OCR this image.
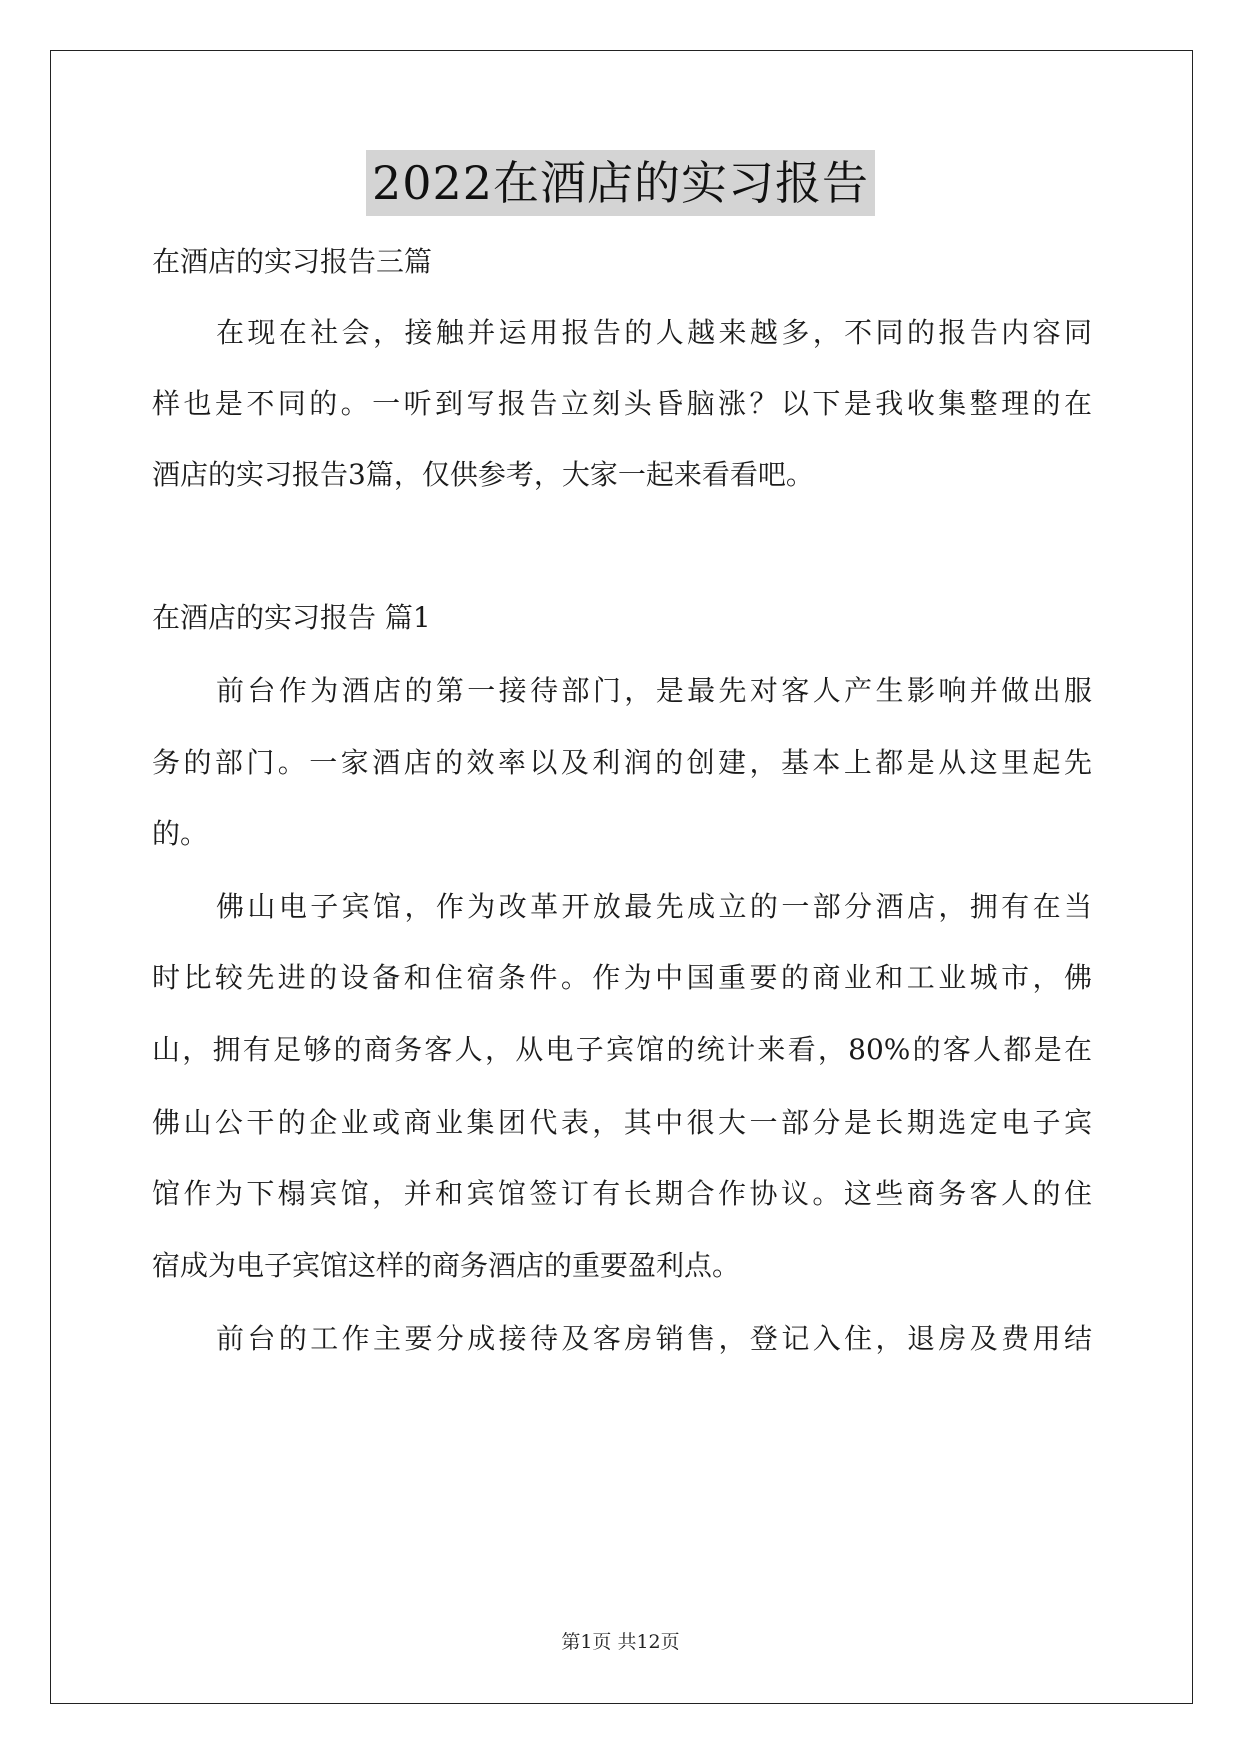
2022在酒店的实习报告
在酒店的实习报告三篇
在现在社会，接触并运用报告的人越来越多，不同的报告内容同
样也是不同的。一听到写报告立刻头昏脑涨？以下是我收集整理的在
酒店的实习报告3篇，仅供参考，大家一起来看看吧。
在酒店的实习报告 篇1
前台作为酒店的第一接待部门，是最先对客人产生影响并做出服
务的部门。一家酒店的效率以及利润的创建，基本上都是从这里起先
的。
佛山电子宾馆，作为改革开放最先成立的一部分酒店，拥有在当
时比较先进的设备和住宿条件。作为中国重要的商业和工业城市，佛
山，拥有足够的商务客人，从电子宾馆的统计来看，80%的客人都是在
佛山公干的企业或商业集团代表，其中很大一部分是长期选定电子宾
馆作为下榻宾馆，并和宾馆签订有长期合作协议。这些商务客人的住
宿成为电子宾馆这样的商务酒店的重要盈利点。
前台的工作主要分成接待及客房销售，登记入住，退房及费用结
第1页 共12页
